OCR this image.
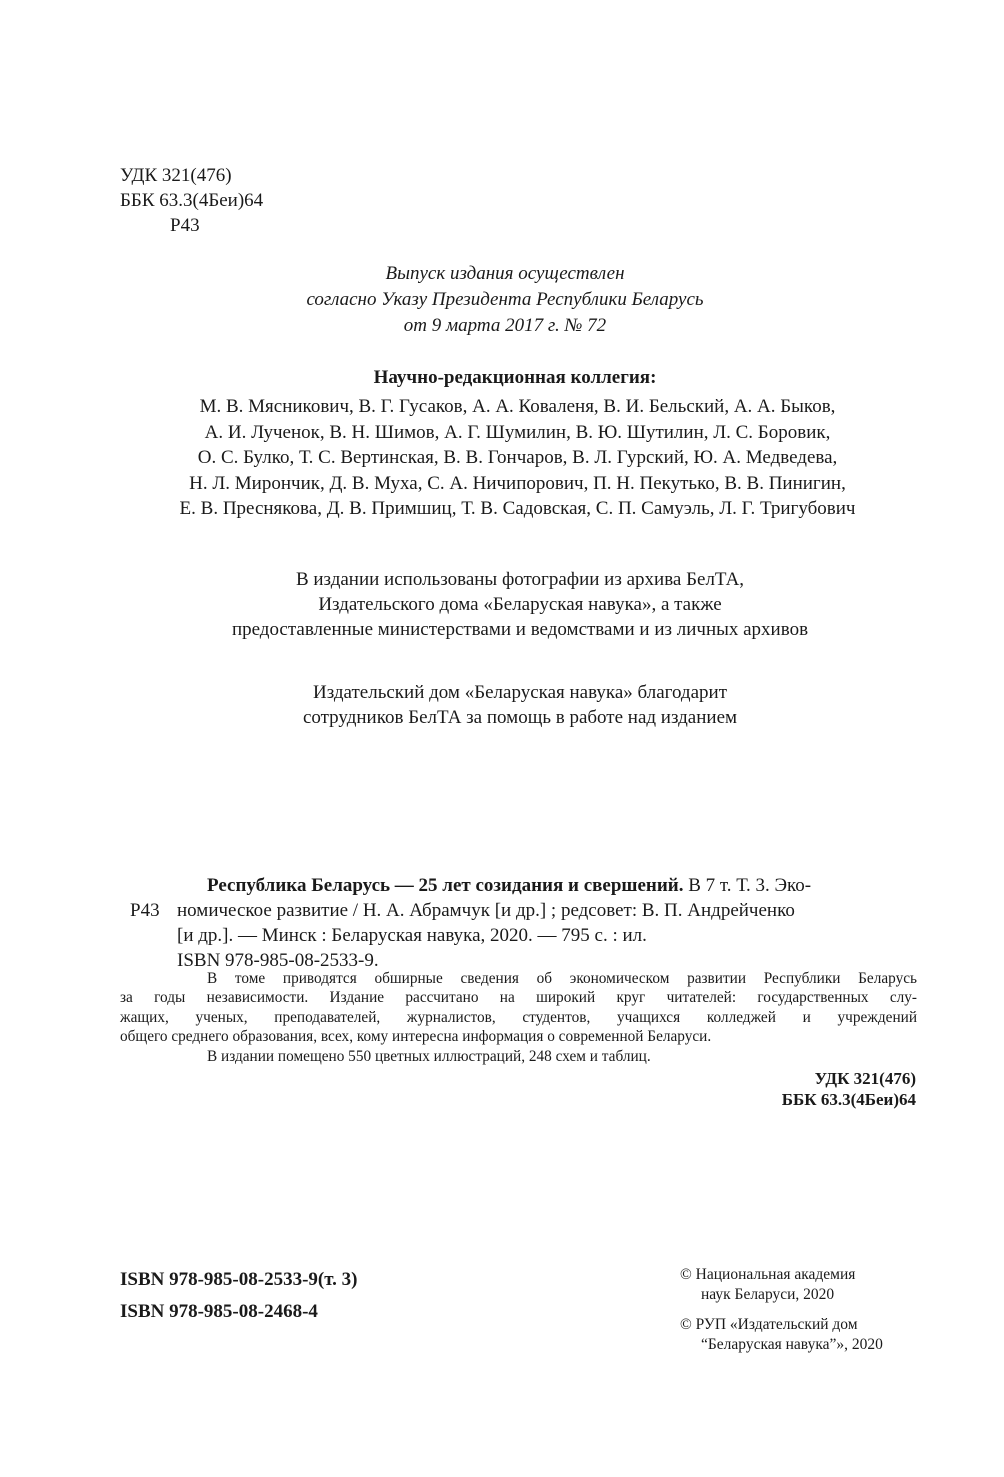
УДК 321(476)
ББК 63.3(4Беи)64
Р43
Выпуск издания осуществлен
согласно Указу Президента Республики Беларусь
от 9 марта 2017 г. № 72
Научно-редакционная коллегия:
М. В. Мясникович, В. Г. Гусаков, А. А. Коваленя, В. И. Бельский, А. А. Быков,
А. И. Лученок, В. Н. Шимов, А. Г. Шумилин, В. Ю. Шутилин, Л. С. Боровик,
О. С. Булко, Т. С. Вертинская, В. В. Гончаров, В. Л. Гурский, Ю. А. Медведева,
Н. Л. Мирончик, Д. В. Муха, С. А. Ничипорович, П. Н. Пекутько, В. В. Пинигин,
Е. В. Преснякова, Д. В. Примшиц, Т. В. Садовская, С. П. Самуэль, Л. Г. Тригубович
В издании использованы фотографии из архива БелТА,
Издательского дома «Беларуская навука», а также
предоставленные министерствами и ведомствами и из личных архивов
Издательский дом «Беларуская навука» благодарит
сотрудников БелТА за помощь в работе над изданием
Республика Беларусь — 25 лет созидания и свершений. В 7 т. Т. 3. Эко-
Р43 номическое развитие / Н. А. Абрамчук [и др.] ; редсовет: В. П. Андрейченко
[и др.]. — Минск : Беларуская навука, 2020. — 795 с. : ил.
ISBN 978-985-08-2533-9.
В томе приводятся обширные сведения об экономическом развитии Республики Беларусь
за годы независимости. Издание рассчитано на широкий круг читателей: государственных слу-
жащих, ученых, преподавателей, журналистов, студентов, учащихся колледжей и учреждений
общего среднего образования, всех, кому интересна информация о современной Беларуси.
В издании помещено 550 цветных иллюстраций, 248 схем и таблиц.
УДК 321(476)
ББК 63.3(4Беи)64
ISBN 978-985-08-2533-9(т. 3)
ISBN 978-985-08-2468-4
© Национальная академия
наук Беларуси, 2020
© РУП «Издательский дом
“Беларуская навука”», 2020
